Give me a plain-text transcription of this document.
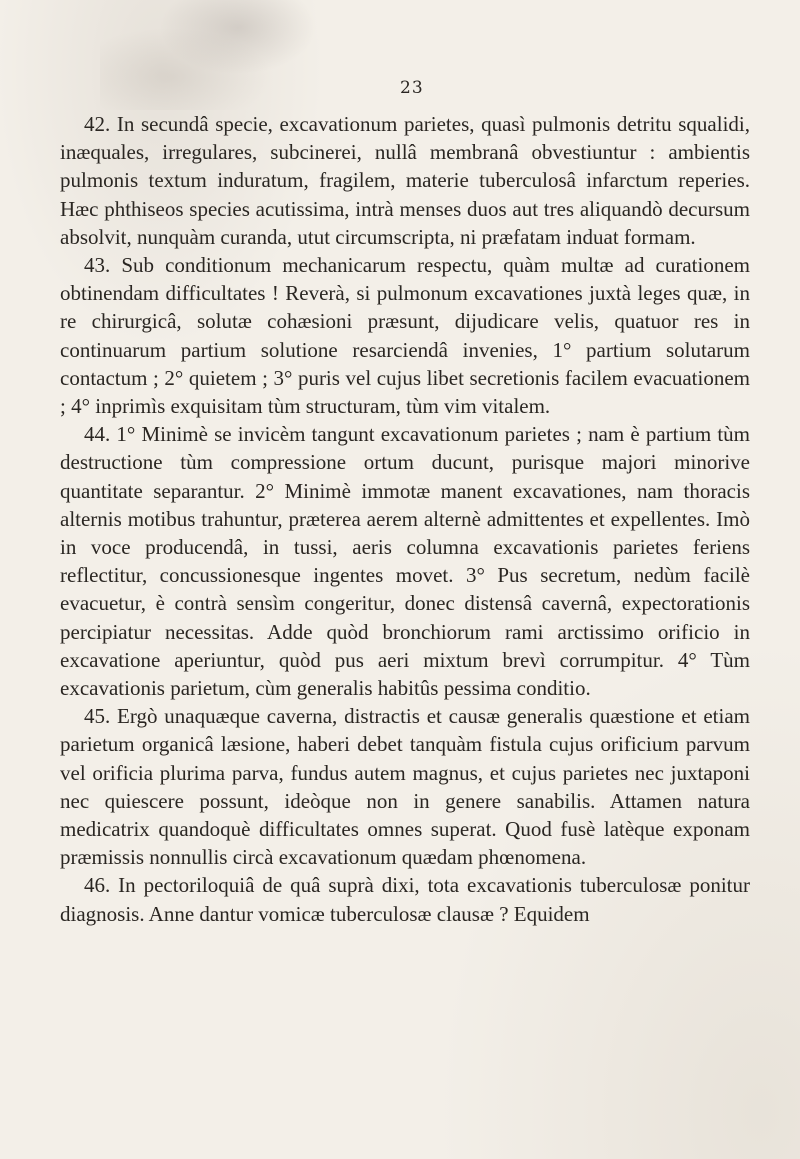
23

42. In secundâ specie, excavationum parietes, quasì pulmonis detritu squalidi, inæquales, irregulares, subcinerei, nullâ membranâ obvestiuntur : ambientis pulmonis textum induratum, fragilem, materie tuberculosâ infarctum reperies. Hæc phthiseos species acutissima, intrà menses duos aut tres aliquandò decursum absolvit, nunquàm curanda, utut circumscripta, ni præfatam induat formam.

43. Sub conditionum mechanicarum respectu, quàm multæ ad curationem obtinendam difficultates ! Reverà, si pulmonum excavationes juxtà leges quæ, in re chirurgicâ, solutæ cohæsioni præsunt, dijudicare velis, quatuor res in continuarum partium solutione resarciendâ invenies, 1° partium solutarum contactum ; 2° quietem ; 3° puris vel cujus libet secretionis facilem evacuationem ; 4° inprimìs exquisitam tùm structuram, tùm vim vitalem.

44. 1° Minimè se invicèm tangunt excavationum parietes ; nam è partium tùm destructione tùm compressione ortum ducunt, purisque majori minorive quantitate separantur. 2° Minimè immotæ manent excavationes, nam thoracis alternis motibus trahuntur, præterea aerem alternè admittentes et expellentes. Imò in voce producendâ, in tussi, aeris columna excavationis parietes feriens reflectitur, concussionesque ingentes movet. 3° Pus secretum, nedùm facilè evacuetur, è contrà sensìm congeritur, donec distensâ cavernâ, expectorationis percipiatur necessitas. Adde quòd bronchiorum rami arctissimo orificio in excavatione aperiuntur, quòd pus aeri mixtum brevì corrumpitur. 4° Tùm excavationis parietum, cùm generalis habitûs pessima conditio.

45. Ergò unaquæque caverna, distractis et causæ generalis quæstione et etiam parietum organicâ læsione, haberi debet tanquàm fistula cujus orificium parvum vel orificia plurima parva, fundus autem magnus, et cujus parietes nec juxtaponi nec quiescere possunt, ideòque non in genere sanabilis. Attamen natura medicatrix quandoquè difficultates omnes superat. Quod fusè latèque exponam præmissis nonnullis circà excavationum quædam phœnomena.

46. In pectoriloquiâ de quâ suprà dixi, tota excavationis tuberculosæ ponitur diagnosis. Anne dantur vomicæ tuberculosæ clausæ ? Equidem
